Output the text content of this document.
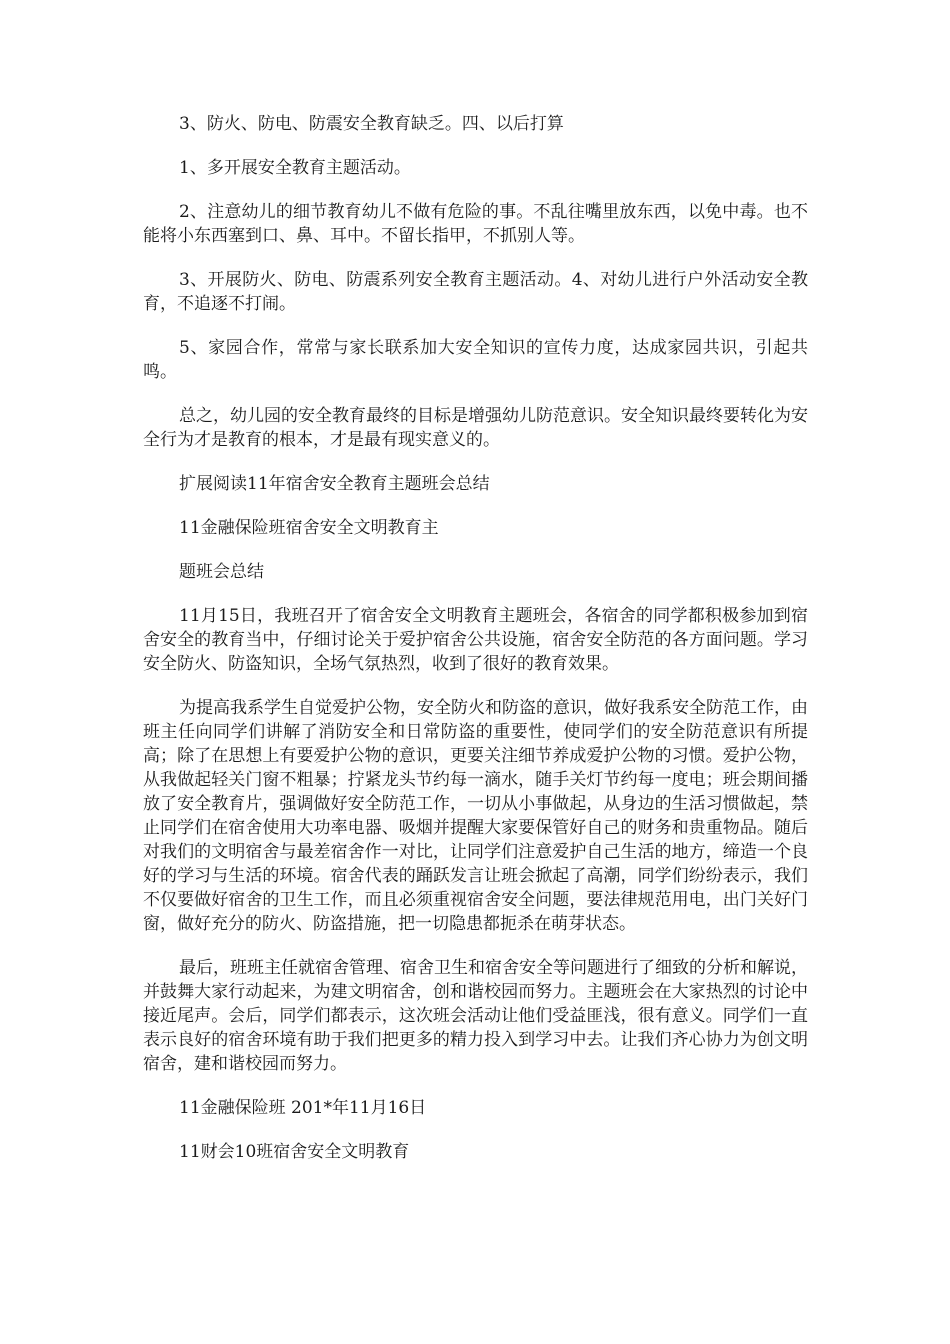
3、防火、防电、防震安全教育缺乏。四、以后打算

1、多开展安全教育主题活动。

2、注意幼儿的细节教育幼儿不做有危险的事。不乱往嘴里放东西，以免中毒。也不能将小东西塞到口、鼻、耳中。不留长指甲，不抓别人等。

3、开展防火、防电、防震系列安全教育主题活动。4、对幼儿进行户外活动安全教育，不追逐不打闹。

5、家园合作，常常与家长联系加大安全知识的宣传力度，达成家园共识，引起共鸣。

总之，幼儿园的安全教育最终的目标是增强幼儿防范意识。安全知识最终要转化为安全行为才是教育的根本，才是最有现实意义的。

扩展阅读11年宿舍安全教育主题班会总结

11金融保险班宿舍安全文明教育主

题班会总结

11月15日，我班召开了宿舍安全文明教育主题班会，各宿舍的同学都积极参加到宿舍安全的教育当中，仔细讨论关于爱护宿舍公共设施，宿舍安全防范的各方面问题。学习安全防火、防盗知识，全场气氛热烈，收到了很好的教育效果。

为提高我系学生自觉爱护公物，安全防火和防盗的意识，做好我系安全防范工作，由班主任向同学们讲解了消防安全和日常防盗的重要性，使同学们的安全防范意识有所提高；除了在思想上有要爱护公物的意识，更要关注细节养成爱护公物的习惯。爱护公物，从我做起轻关门窗不粗暴；拧紧龙头节约每一滴水，随手关灯节约每一度电；班会期间播放了安全教育片，强调做好安全防范工作，一切从小事做起，从身边的生活习惯做起，禁止同学们在宿舍使用大功率电器、吸烟并提醒大家要保管好自己的财务和贵重物品。随后对我们的文明宿舍与最差宿舍作一对比，让同学们注意爱护自己生活的地方，缔造一个良好的学习与生活的环境。宿舍代表的踊跃发言让班会掀起了高潮，同学们纷纷表示，我们不仅要做好宿舍的卫生工作，而且必须重视宿舍安全问题，要法律规范用电，出门关好门窗，做好充分的防火、防盗措施，把一切隐患都扼杀在萌芽状态。

最后，班班主任就宿舍管理、宿舍卫生和宿舍安全等问题进行了细致的分析和解说，并鼓舞大家行动起来，为建文明宿舍，创和谐校园而努力。主题班会在大家热烈的讨论中接近尾声。会后，同学们都表示，这次班会活动让他们受益匪浅，很有意义。同学们一直表示良好的宿舍环境有助于我们把更多的精力投入到学习中去。让我们齐心协力为创文明宿舍，建和谐校园而努力。

11金融保险班 201*年11月16日

11财会10班宿舍安全文明教育
